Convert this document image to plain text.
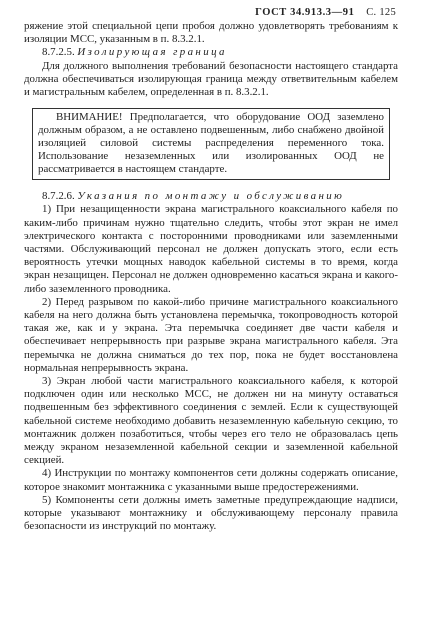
ГОСТ 34.913.3—91 С. 125

ряжение этой специальной цепи пробоя должно удовлетворять требованиям к изоляции МСС, указанным в п. 8.3.2.1.

8.7.2.5. Изолирующая граница

Для должного выполнения требований безопасности настоящего стандарта должна обеспечиваться изолирующая граница между ответвительным кабелем и магистральным кабелем, определенная в п. 8.3.2.1.

ВНИМАНИЕ! Предполагается, что оборудование ООД заземлено должным образом, а не оставлено подвешенным, либо снабжено двойной изоляцией силовой системы распределения переменного тока. Использование незаземленных или изолированных ООД не рассматривается в настоящем стандарте.

8.7.2.6. Указания по монтажу и обслуживанию

1) При незащищенности экрана магистрального коаксиального кабеля по каким-либо причинам нужно тщательно следить, чтобы этот экран не имел электрического контакта с посторонними проводниками или заземленными частями. Обслуживающий персонал не должен допускать этого, если есть вероятность утечки мощных наводок кабельной системы в то время, когда экран незащищен. Персонал не должен одновременно касаться экрана и какого-либо заземленного проводника.

2) Перед разрывом по какой-либо причине магистрального коаксиального кабеля на него должна быть установлена перемычка, токопроводность которой такая же, как и у экрана. Эта перемычка соединяет две части кабеля и обеспечивает непрерывность при разрыве экрана магистрального кабеля. Эта перемычка не должна сниматься до тех пор, пока не будет восстановлена нормальная непрерывность экрана.

3) Экран любой части магистрального коаксиального кабеля, к которой подключен один или несколько МСС, не должен ни на минуту оставаться подвешенным без эффективного соединения с землей. Если к существующей кабельной системе необходимо добавить незаземленную кабельную секцию, то монтажник должен позаботиться, чтобы через его тело не образовалась цепь между экраном незаземленной кабельной секции и заземленной кабельной секцией.

4) Инструкции по монтажу компонентов сети должны содержать описание, которое знакомит монтажника с указанными выше предостережениями.

5) Компоненты сети должны иметь заметные предупреждающие надписи, которые указывают монтажнику и обслуживающему персоналу правила безопасности из инструкций по монтажу.
